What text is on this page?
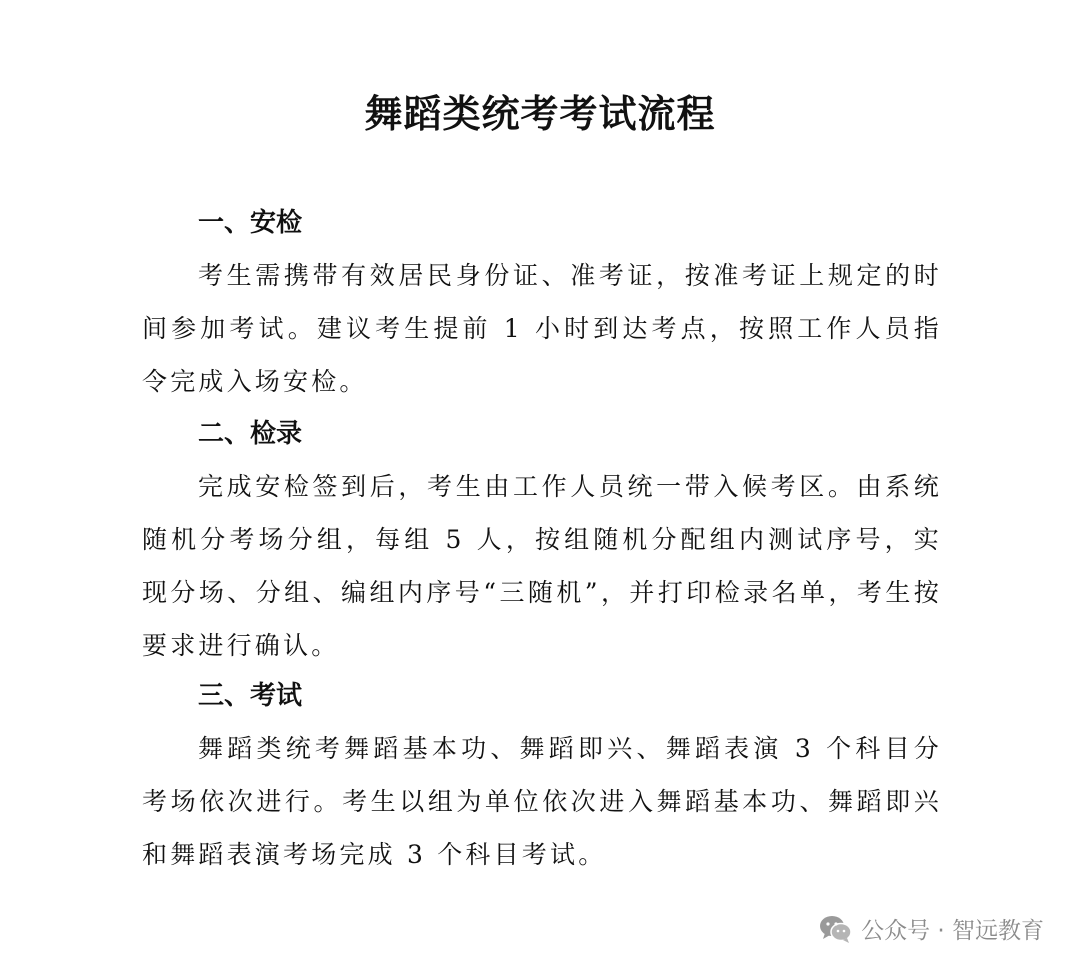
舞蹈类统考考试流程
一、安检

考生需携带有效居民身份证、准考证，按准考证上规定的时间参加考试。建议考生提前 1 小时到达考点，按照工作人员指令完成入场安检。

二、检录

完成安检签到后，考生由工作人员统一带入候考区。由系统随机分考场分组，每组 5 人，按组随机分配组内测试序号，实现分场、分组、编组内序号“三随机”，并打印检录名单，考生按要求进行确认。

三、考试

舞蹈类统考舞蹈基本功、舞蹈即兴、舞蹈表演 3 个科目分考场依次进行。考生以组为单位依次进入舞蹈基本功、舞蹈即兴和舞蹈表演考场完成 3 个科目考试。

公众号 · 智远教育
